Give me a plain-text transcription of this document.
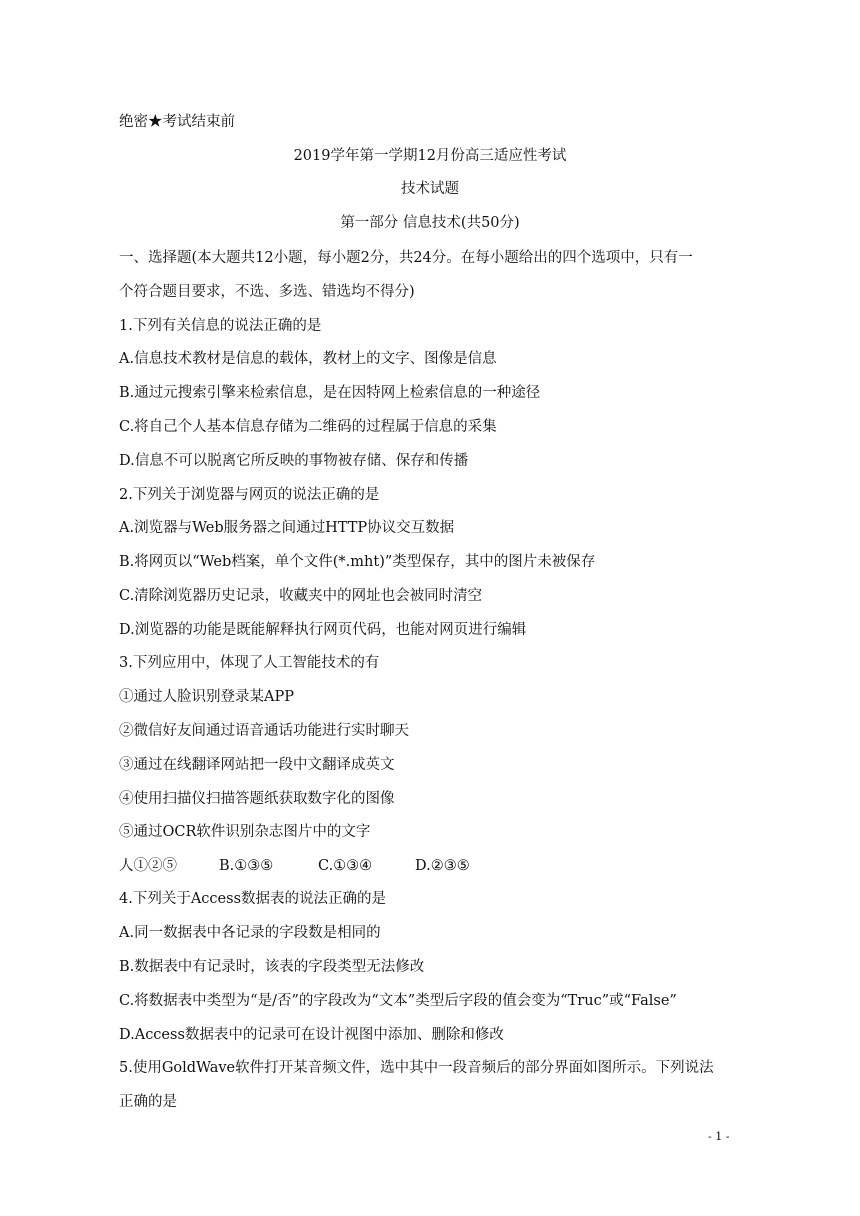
绝密★考试结束前
2019学年第一学期12月份高三适应性考试
技术试题
第一部分 信息技术(共50分)
一、选择题(本大题共12小题，每小题2分，共24分。在每小题给出的四个选项中，只有一
个符合题目要求，不选、多选、错选均不得分)
1.下列有关信息的说法正确的是
A.信息技术教材是信息的载体，教材上的文字、图像是信息
B.通过元搜索引擎来检索信息，是在因特网上检索信息的一种途径
C.将自己个人基本信息存储为二维码的过程属于信息的采集
D.信息不可以脱离它所反映的事物被存储、保存和传播
2.下列关于浏览器与网页的说法正确的是
A.浏览器与Web服务器之间通过HTTP协议交互数据
B.将网页以“Web档案，单个文件(*.mht)”类型保存，其中的图片未被保存
C.清除浏览器历史记录，收藏夹中的网址也会被同时清空
D.浏览器的功能是既能解释执行网页代码，也能对网页进行编辑
3.下列应用中，体现了人工智能技术的有
①通过人脸识别登录某APP
②微信好友间通过语音通话功能进行实时聊天
③通过在线翻译网站把一段中文翻译成英文
④使用扫描仪扫描答题纸获取数字化的图像
⑤通过OCR软件识别杂志图片中的文字
人①②⑤	B.①③⑤	C.①③④	D.②③⑤
4.下列关于Access数据表的说法正确的是
A.同一数据表中各记录的字段数是相同的
B.数据表中有记录时，该表的字段类型无法修改
C.将数据表中类型为“是/否”的字段改为“文本”类型后字段的值会变为“Truc”或“False”
D.Access数据表中的记录可在设计视图中添加、删除和修改
5.使用GoldWave软件打开某音频文件，选中其中一段音频后的部分界面如图所示。下列说法
正确的是
- 1 -
